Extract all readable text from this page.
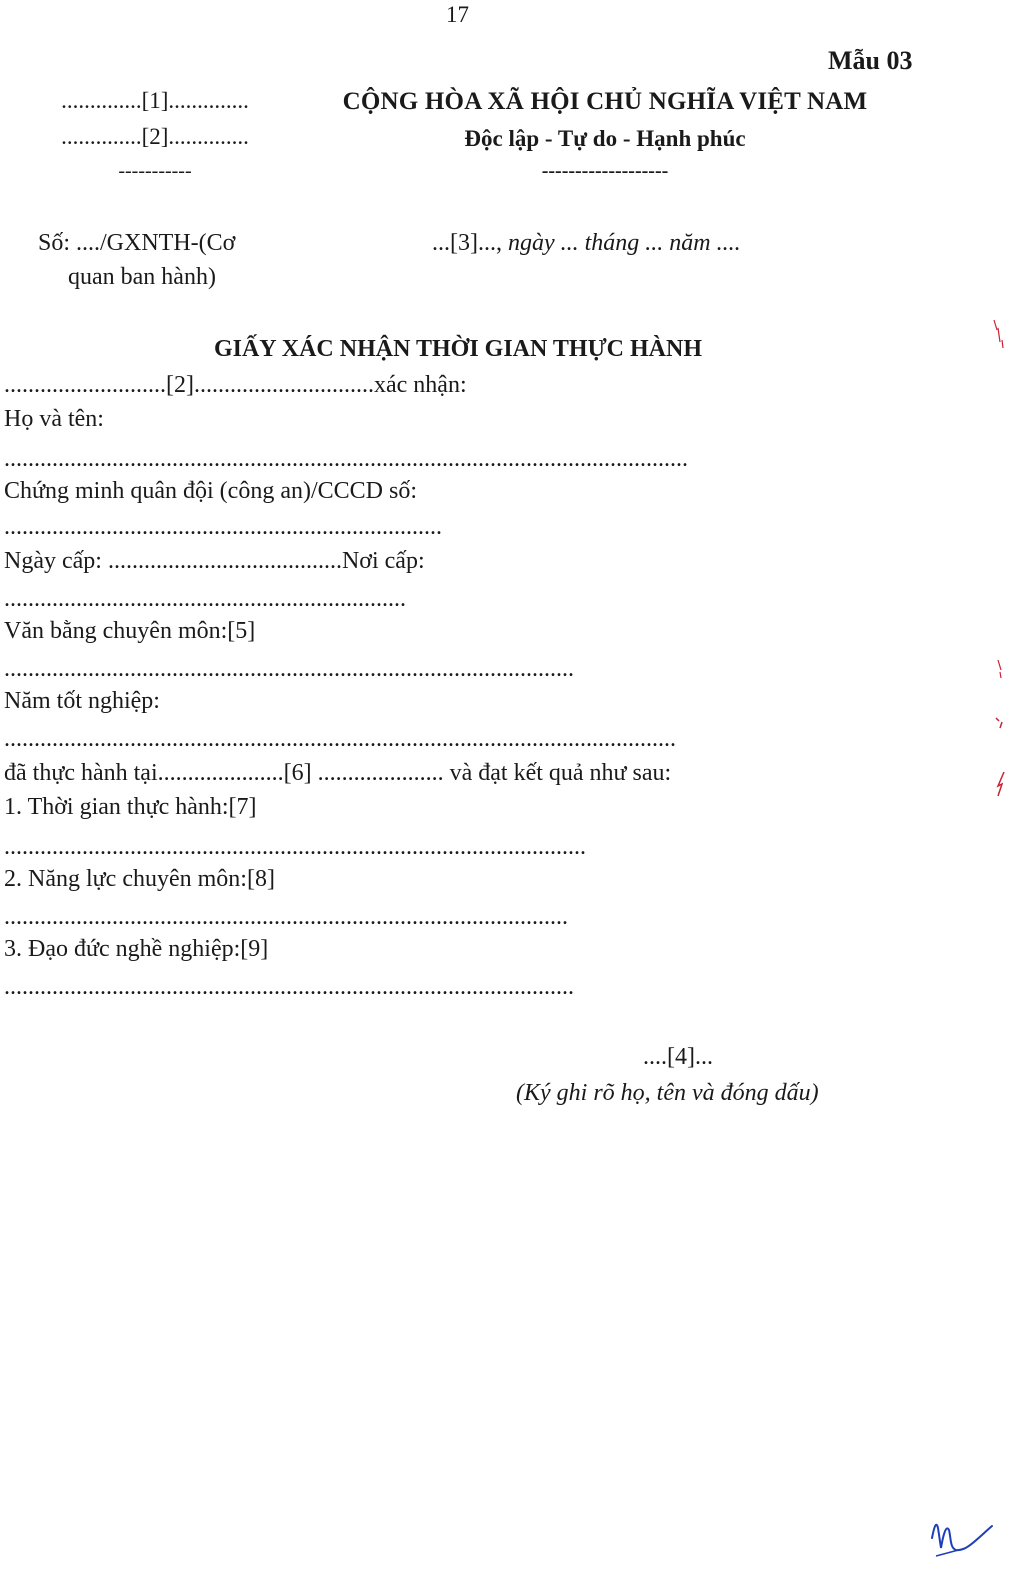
17
Mẫu 03
..............[1]..............
..............[2]..............
-----------
CỘNG HÒA XÃ HỘI CHỦ NGHĨA VIỆT NAM
Độc lập - Tự do - Hạnh phúc
-------------------
Số: ..../GXNTH-(Cơ
quan ban hành)
...[3]..., ngày ... tháng ... năm ....
GIẤY XÁC NHẬN THỜI GIAN THỰC HÀNH
...........................[2]..............................xác nhận:
Họ và tên:
..................................................................................................................
Chứng minh quân đội (công an)/CCCD số:
.........................................................................
Ngày cấp: .......................................Nơi cấp:
...................................................................
Văn bằng chuyên môn:[5]
...............................................................................................
Năm tốt nghiệp:
................................................................................................................
đã thực hành tại.....................[6] ..................... và đạt kết quả như sau:
1. Thời gian thực hành:[7]
.................................................................................................
2. Năng lực chuyên môn:[8]
..............................................................................................
3. Đạo đức nghề nghiệp:[9]
...............................................................................................
....[4]...
(Ký ghi rõ họ, tên và đóng dấu)
